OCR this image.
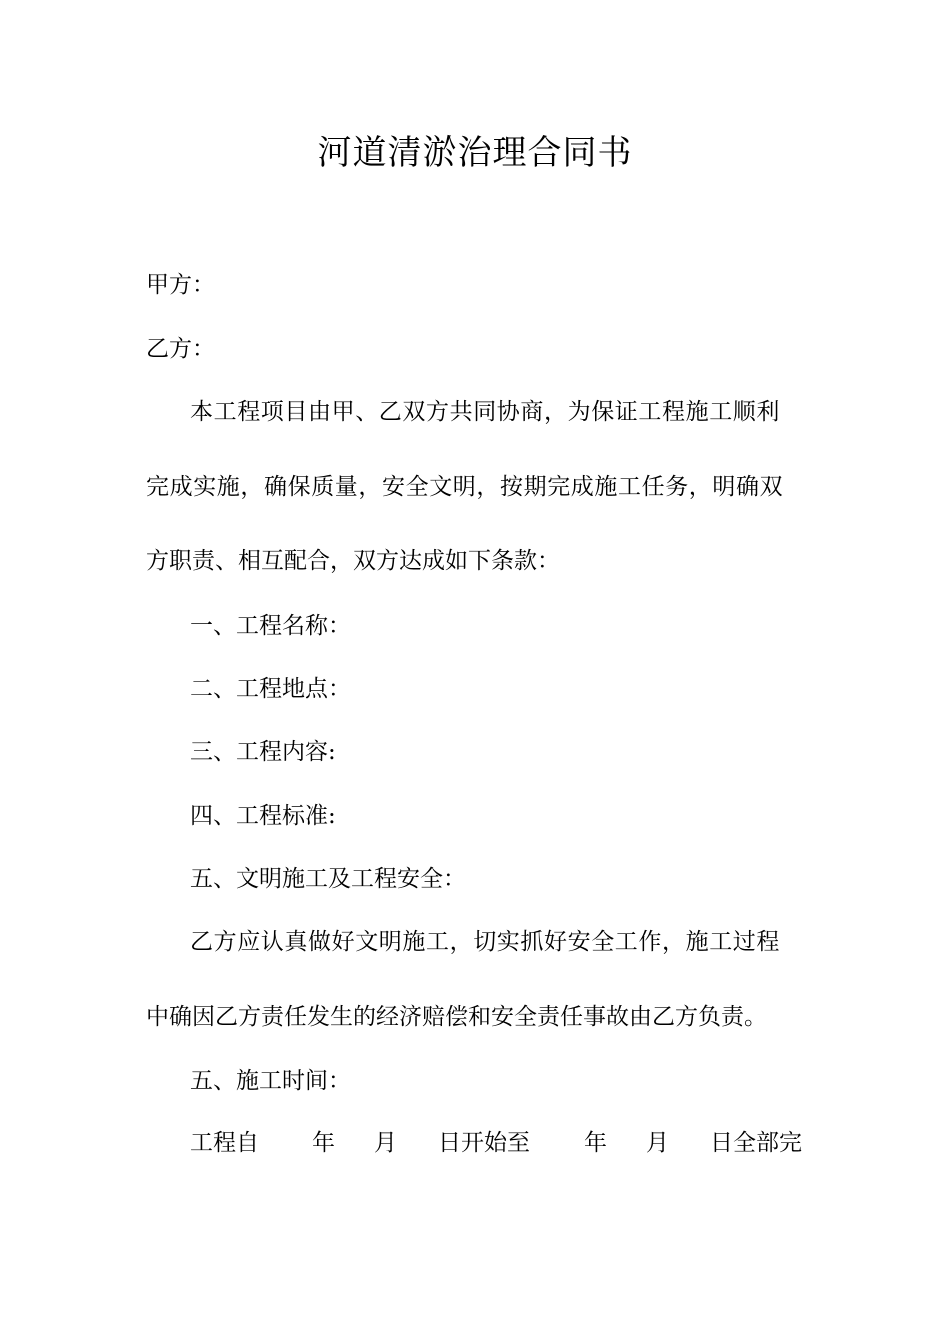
河道清淤治理合同书

甲方：

乙方：

本工程项目由甲、乙双方共同协商，为保证工程施工顺利

完成实施，确保质量，安全文明，按期完成施工任务，明确双

方职责、相互配合，双方达成如下条款：

一、工程名称：

二、工程地点：

三、工程内容:

四、工程标准:

五、文明施工及工程安全：

乙方应认真做好文明施工，切实抓好安全工作，施工过程

中确因乙方责任发生的经济赔偿和安全责任事故由乙方负责。

五、施工时间：

工程自 年 月 日开始至 年 月 日全部完
